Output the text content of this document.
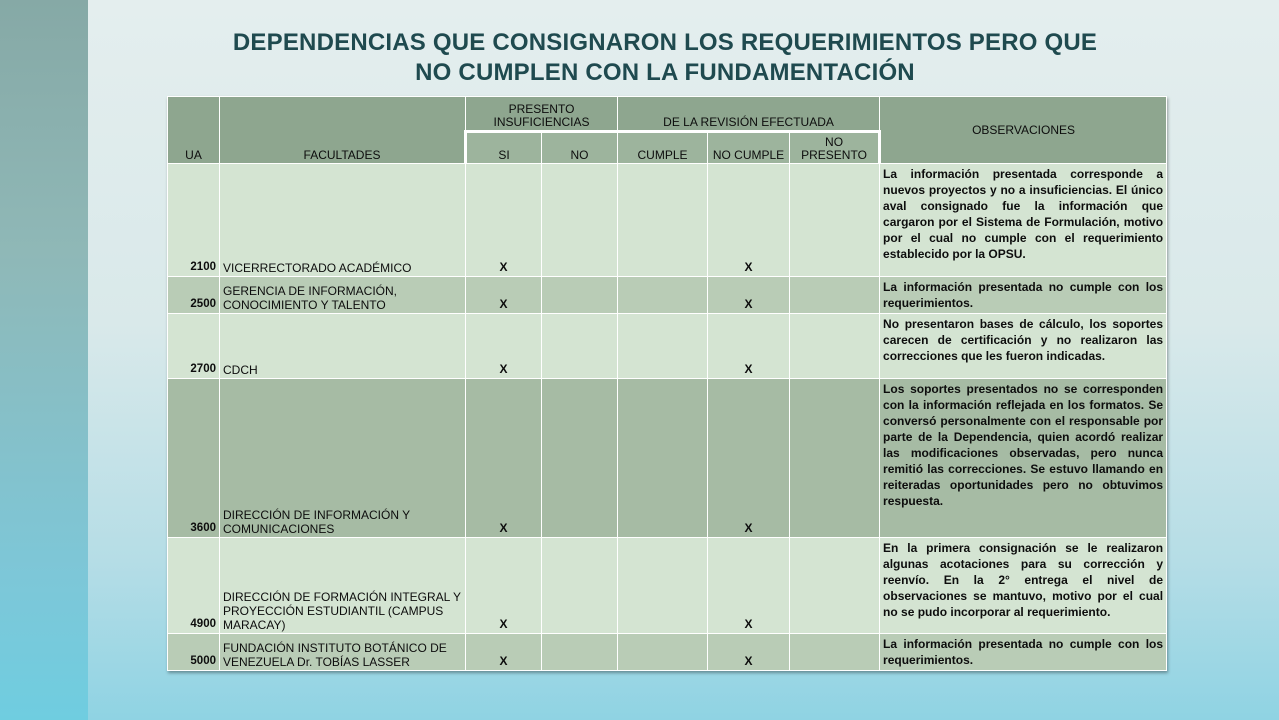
DEPENDENCIAS QUE CONSIGNARON LOS REQUERIMIENTOS PERO QUE
NO CUMPLEN CON LA FUNDAMENTACIÓN
UA	FACULTADES	PRESENTO INSUFICIENCIAS		DE LA REVISIÓN EFECTUADA			OBSERVACIONES
		SI	NO	CUMPLE	NO CUMPLE	NO PRESENTO	
2100	VICERRECTORADO ACADÉMICO	X			X		La información presentada corresponde a nuevos proyectos y no a insuficiencias. El único aval consignado fue la información que cargaron por el Sistema de Formulación, motivo por el cual no cumple con el requerimiento establecido por la OPSU.
2500	GERENCIA DE INFORMACIÓN, CONOCIMIENTO Y TALENTO	X			X		La información presentada no cumple con los requerimientos.
2700	CDCH	X			X		No presentaron bases de cálculo, los soportes carecen de certificación y no realizaron las correcciones que les fueron indicadas.
3600	DIRECCIÓN DE INFORMACIÓN Y COMUNICACIONES	X			X		Los soportes presentados no se corresponden con la información reflejada en los formatos. Se conversó personalmente con el responsable por parte de la Dependencia, quien acordó realizar las modificaciones observadas, pero nunca remitió las correcciones. Se estuvo llamando en reiteradas oportunidades pero no obtuvimos respuesta.
4900	DIRECCIÓN DE FORMACIÓN INTEGRAL Y PROYECCIÓN ESTUDIANTIL (CAMPUS MARACAY)	X			X		En la primera consignación se le realizaron algunas acotaciones para su corrección y reenvío. En la 2° entrega el nivel de observaciones se mantuvo, motivo por el cual no se pudo incorporar al requerimiento.
5000	FUNDACIÓN INSTITUTO BOTÁNICO DE VENEZUELA Dr. TOBÍAS LASSER	X			X		La información presentada no cumple con los requerimientos.
